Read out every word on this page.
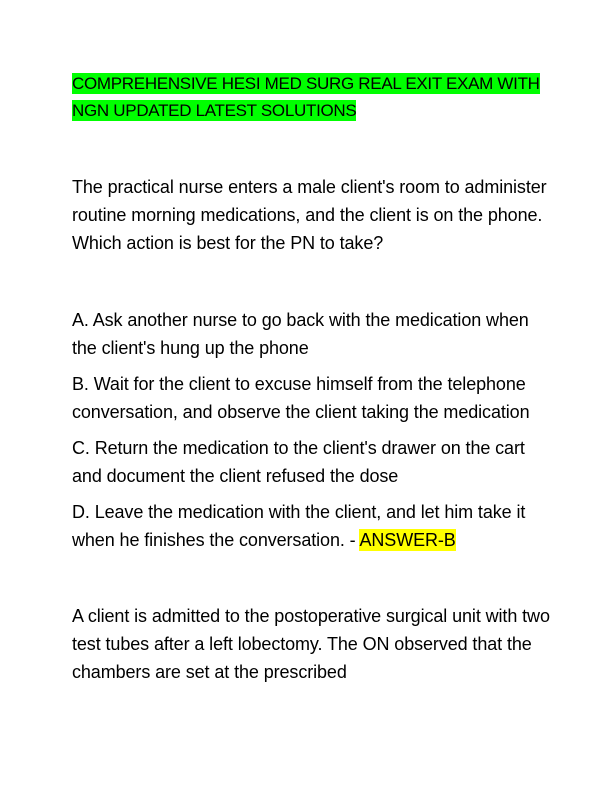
COMPREHENSIVE HESI MED SURG REAL EXIT EXAM WITH NGN UPDATED LATEST SOLUTIONS

The practical nurse enters a male client's room to administer routine morning medications, and the client is on the phone. Which action is best for the PN to take?

A. Ask another nurse to go back with the medication when the client's hung up the phone

B. Wait for the client to excuse himself from the telephone conversation, and observe the client taking the medication

C. Return the medication to the client's drawer on the cart and document the client refused the dose

D. Leave the medication with the client, and let him take it when he finishes the conversation. - ANSWER-B

A client is admitted to the postoperative surgical unit with two test tubes after a left lobectomy. The ON observed that the chambers are set at the prescribed
